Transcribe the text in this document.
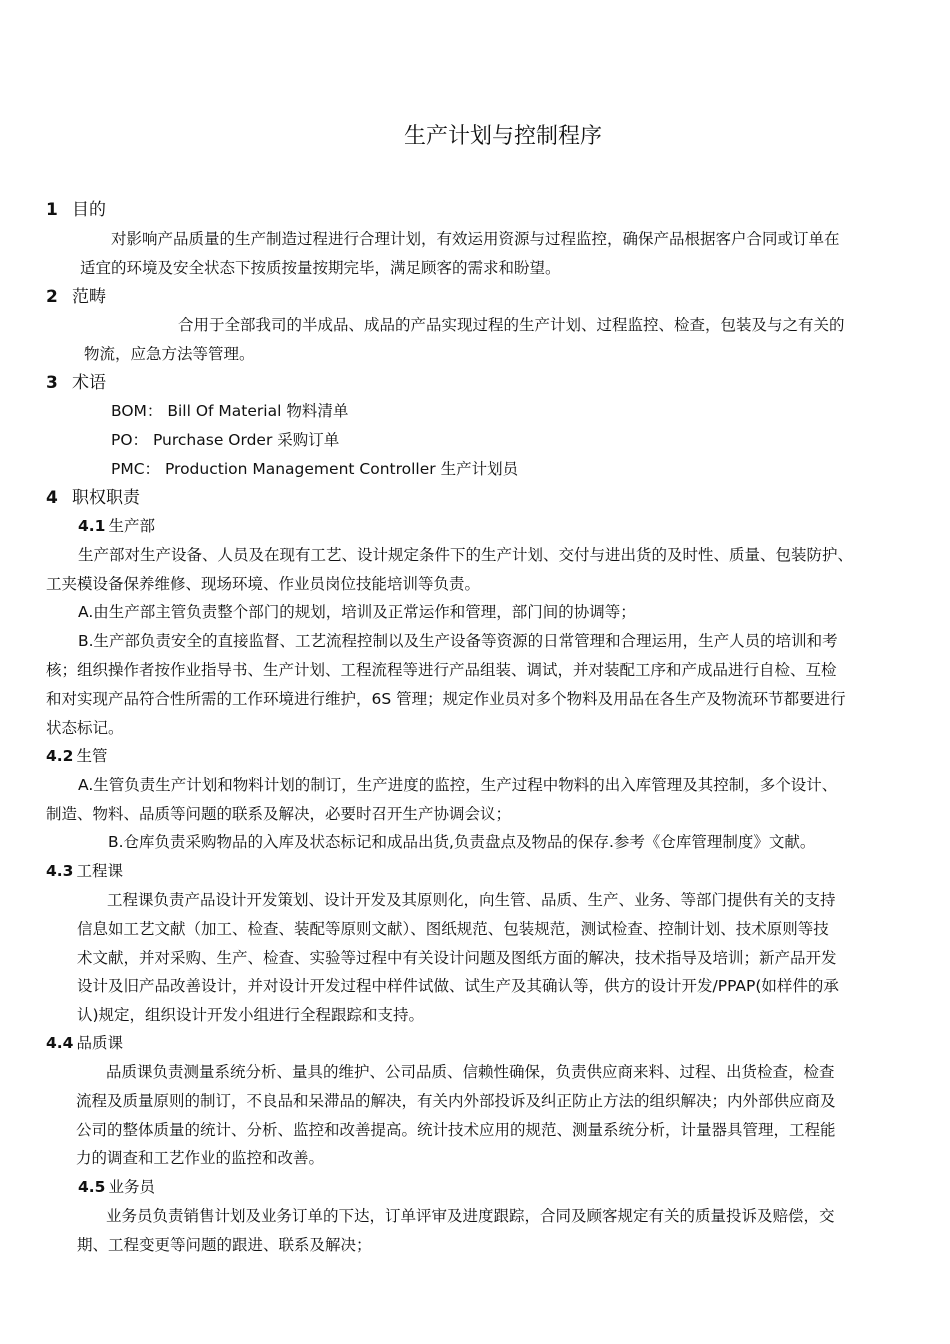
生产计划与控制程序
1 目的
对影响产品质量的生产制造过程进行合理计划，有效运用资源与过程监控，确保产品根据客户合同或订单在
适宜的环境及安全状态下按质按量按期完毕，满足顾客的需求和盼望。
2 范畴
合用于全部我司的半成品、成品的产品实现过程的生产计划、过程监控、检查，包装及与之有关的
物流，应急方法等管理。
3 术语
BOM： Bill Of Material 物料清单
PO： Purchase Order 采购订单
PMC： Production Management Controller 生产计划员
4 职权职责
4.1 生产部
生产部对生产设备、人员及在现有工艺、设计规定条件下的生产计划、交付与进出货的及时性、质量、包装防护、
工夹模设备保养维修、现场环境、作业员岗位技能培训等负责。
A.由生产部主管负责整个部门的规划，培训及正常运作和管理，部门间的协调等；
B.生产部负责安全的直接监督、工艺流程控制以及生产设备等资源的日常管理和合理运用，生产人员的培训和考
核；组织操作者按作业指导书、生产计划、工程流程等进行产品组装、调试，并对装配工序和产成品进行自检、互检
和对实现产品符合性所需的工作环境进行维护，6S 管理；规定作业员对多个物料及用品在各生产及物流环节都要进行
状态标记。
4.2 生管
A.生管负责生产计划和物料计划的制订，生产进度的监控，生产过程中物料的出入库管理及其控制，多个设计、
制造、物料、品质等问题的联系及解决，必要时召开生产协调会议；
B.仓库负责采购物品的入库及状态标记和成品出货,负责盘点及物品的保存.参考《仓库管理制度》文献。
4.3 工程课
工程课负责产品设计开发策划、设计开发及其原则化，向生管、品质、生产、业务、等部门提供有关的支持
信息如工艺文献（加工、检查、装配等原则文献）、图纸规范、包装规范，测试检查、控制计划、技术原则等技
术文献，并对采购、生产、检查、实验等过程中有关设计问题及图纸方面的解决，技术指导及培训；新产品开发
设计及旧产品改善设计，并对设计开发过程中样件试做、试生产及其确认等，供方的设计开发/PPAP(如样件的承
认)规定，组织设计开发小组进行全程跟踪和支持。
4.4 品质课
品质课负责测量系统分析、量具的维护、公司品质、信赖性确保，负责供应商来料、过程、出货检查，检查
流程及质量原则的制订，不良品和呆滞品的解决，有关内外部投诉及纠正防止方法的组织解决；内外部供应商及
公司的整体质量的统计、分析、监控和改善提高。统计技术应用的规范、测量系统分析，计量器具管理，工程能
力的调查和工艺作业的监控和改善。
4.5 业务员
业务员负责销售计划及业务订单的下达，订单评审及进度跟踪，合同及顾客规定有关的质量投诉及赔偿，交
期、工程变更等问题的跟进、联系及解决；
